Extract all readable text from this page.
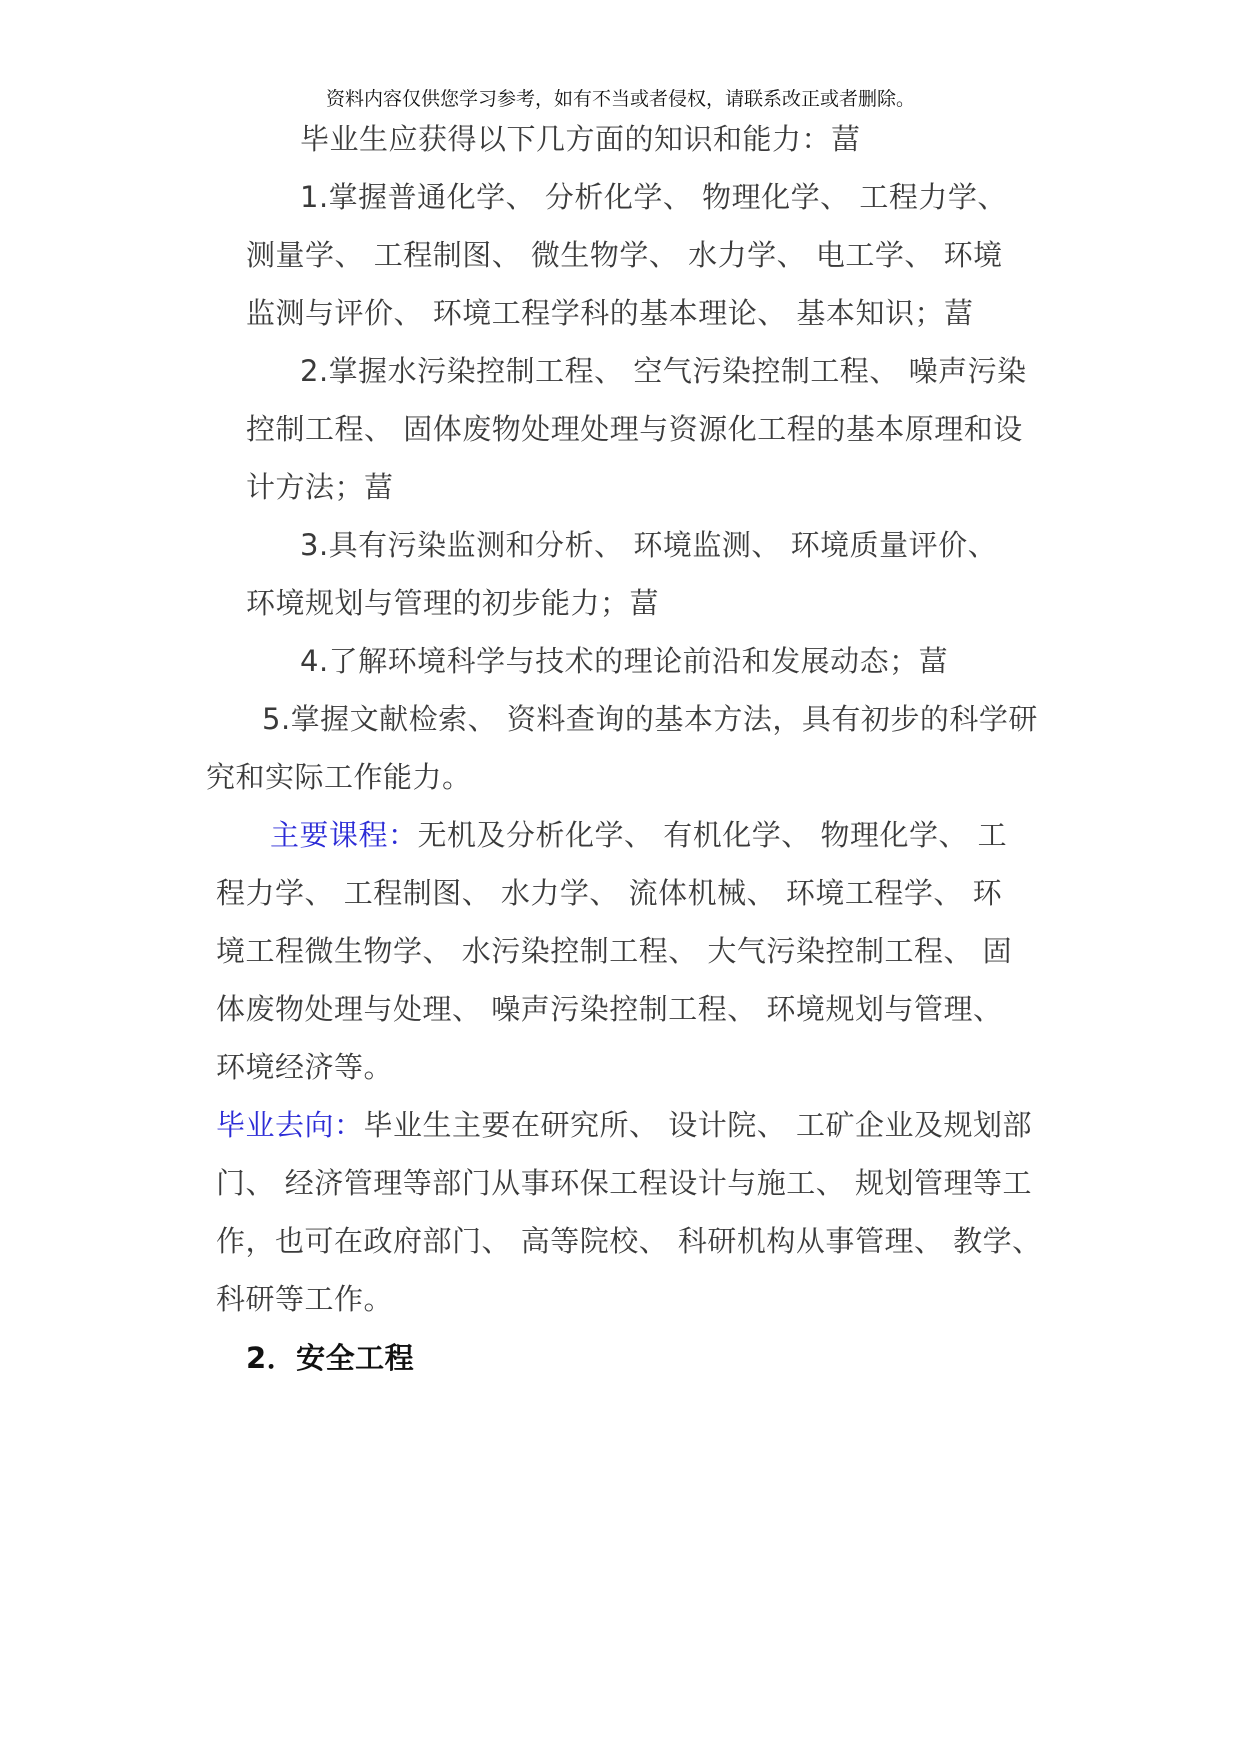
资料内容仅供您学习参考，如有不当或者侵权，请联系改正或者删除。
毕业生应获得以下几方面的知识和能力：葍
1.掌握普通化学、 分析化学、 物理化学、 工程力学、
测量学、 工程制图、 微生物学、 水力学、 电工学、 环境
监测与评价、 环境工程学科的基本理论、 基本知识；葍
2.掌握水污染控制工程、 空气污染控制工程、 噪声污染
控制工程、 固体废物处理处理与资源化工程的基本原理和设
计方法；葍
3.具有污染监测和分析、 环境监测、 环境质量评价、
环境规划与管理的初步能力；葍
4.了解环境科学与技术的理论前沿和发展动态；葍
5.掌握文献检索、 资料查询的基本方法，具有初步的科学研
究和实际工作能力。
主要课程：无机及分析化学、 有机化学、 物理化学、 工
程力学、 工程制图、 水力学、 流体机械、 环境工程学、 环
境工程微生物学、 水污染控制工程、 大气污染控制工程、 固
体废物处理与处理、 噪声污染控制工程、 环境规划与管理、
环境经济等。
毕业去向：毕业生主要在研究所、 设计院、 工矿企业及规划部
门、 经济管理等部门从事环保工程设计与施工、 规划管理等工
作，也可在政府部门、 高等院校、 科研机构从事管理、 教学、
科研等工作。
2．安全工程
